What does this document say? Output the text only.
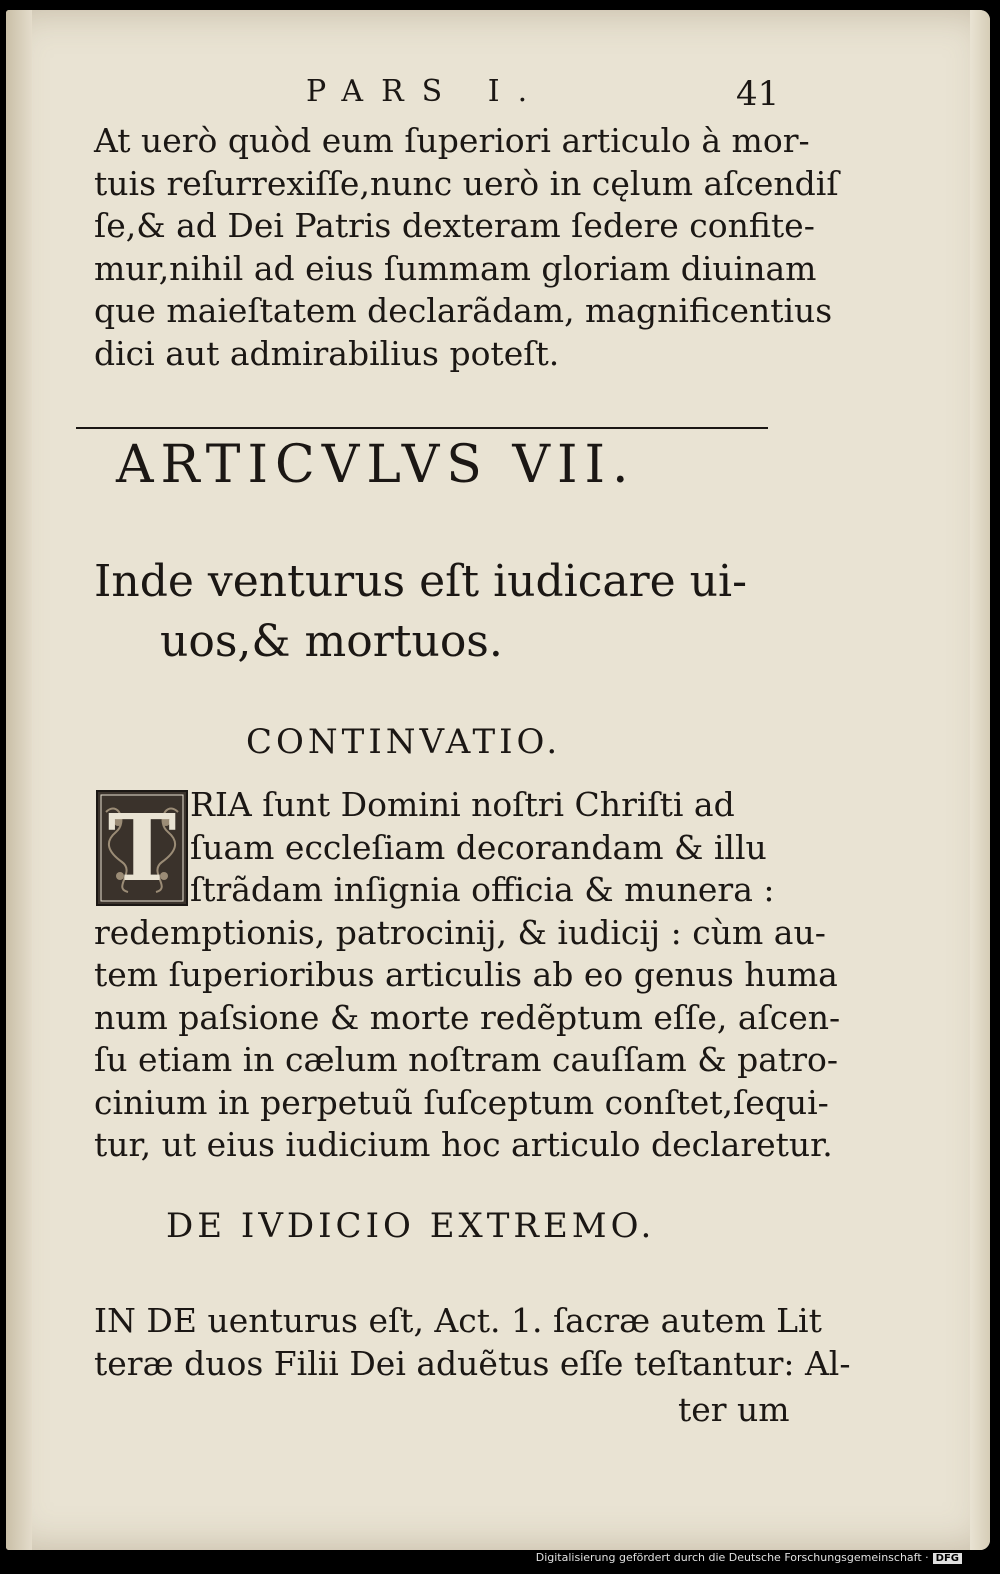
PARS I.	41
At uerò quòd eum ſuperiori articulo à mor-
tuis reſurrexiſſe,nunc uerò in cęlum aſcendiſ
ſe,& ad Dei Patris dexteram ſedere confite-
mur,nihil ad eius ſummam gloriam diuinam
que maieſtatem declarãdam, magnificentius
dici aut admirabilius poteſt.
ARTICVLVS VII.
Inde venturus eſt iudicare ui-
uos,& mortuos.
CONTINVATIO.
T RIA ſunt Domini noſtri Chriſti ad
ſuam eccleſiam decorandam & illu
ſtrãdam inſignia officia & munera :
redemptionis, patrocinij, & iudicij : cùm au-
tem ſuperioribus articulis ab eo genus huma
num paſsione & morte redẽptum eſſe, aſcen-
ſu etiam in cælum noſtram cauſſam & patro-
cinium in perpetuũ ſuſceptum conſtet,ſequi-
tur, ut eius iudicium hoc articulo declaretur.
DE IVDICIO EXTREMO.
IN DE uenturus eſt, Act. 1. ſacræ autem Lit
teræ duos Filii Dei aduẽtus eſſe teſtantur: Al-
ter um
Digitalisierung gefördert durch die Deutsche Forschungsgemeinschaft · DFG
